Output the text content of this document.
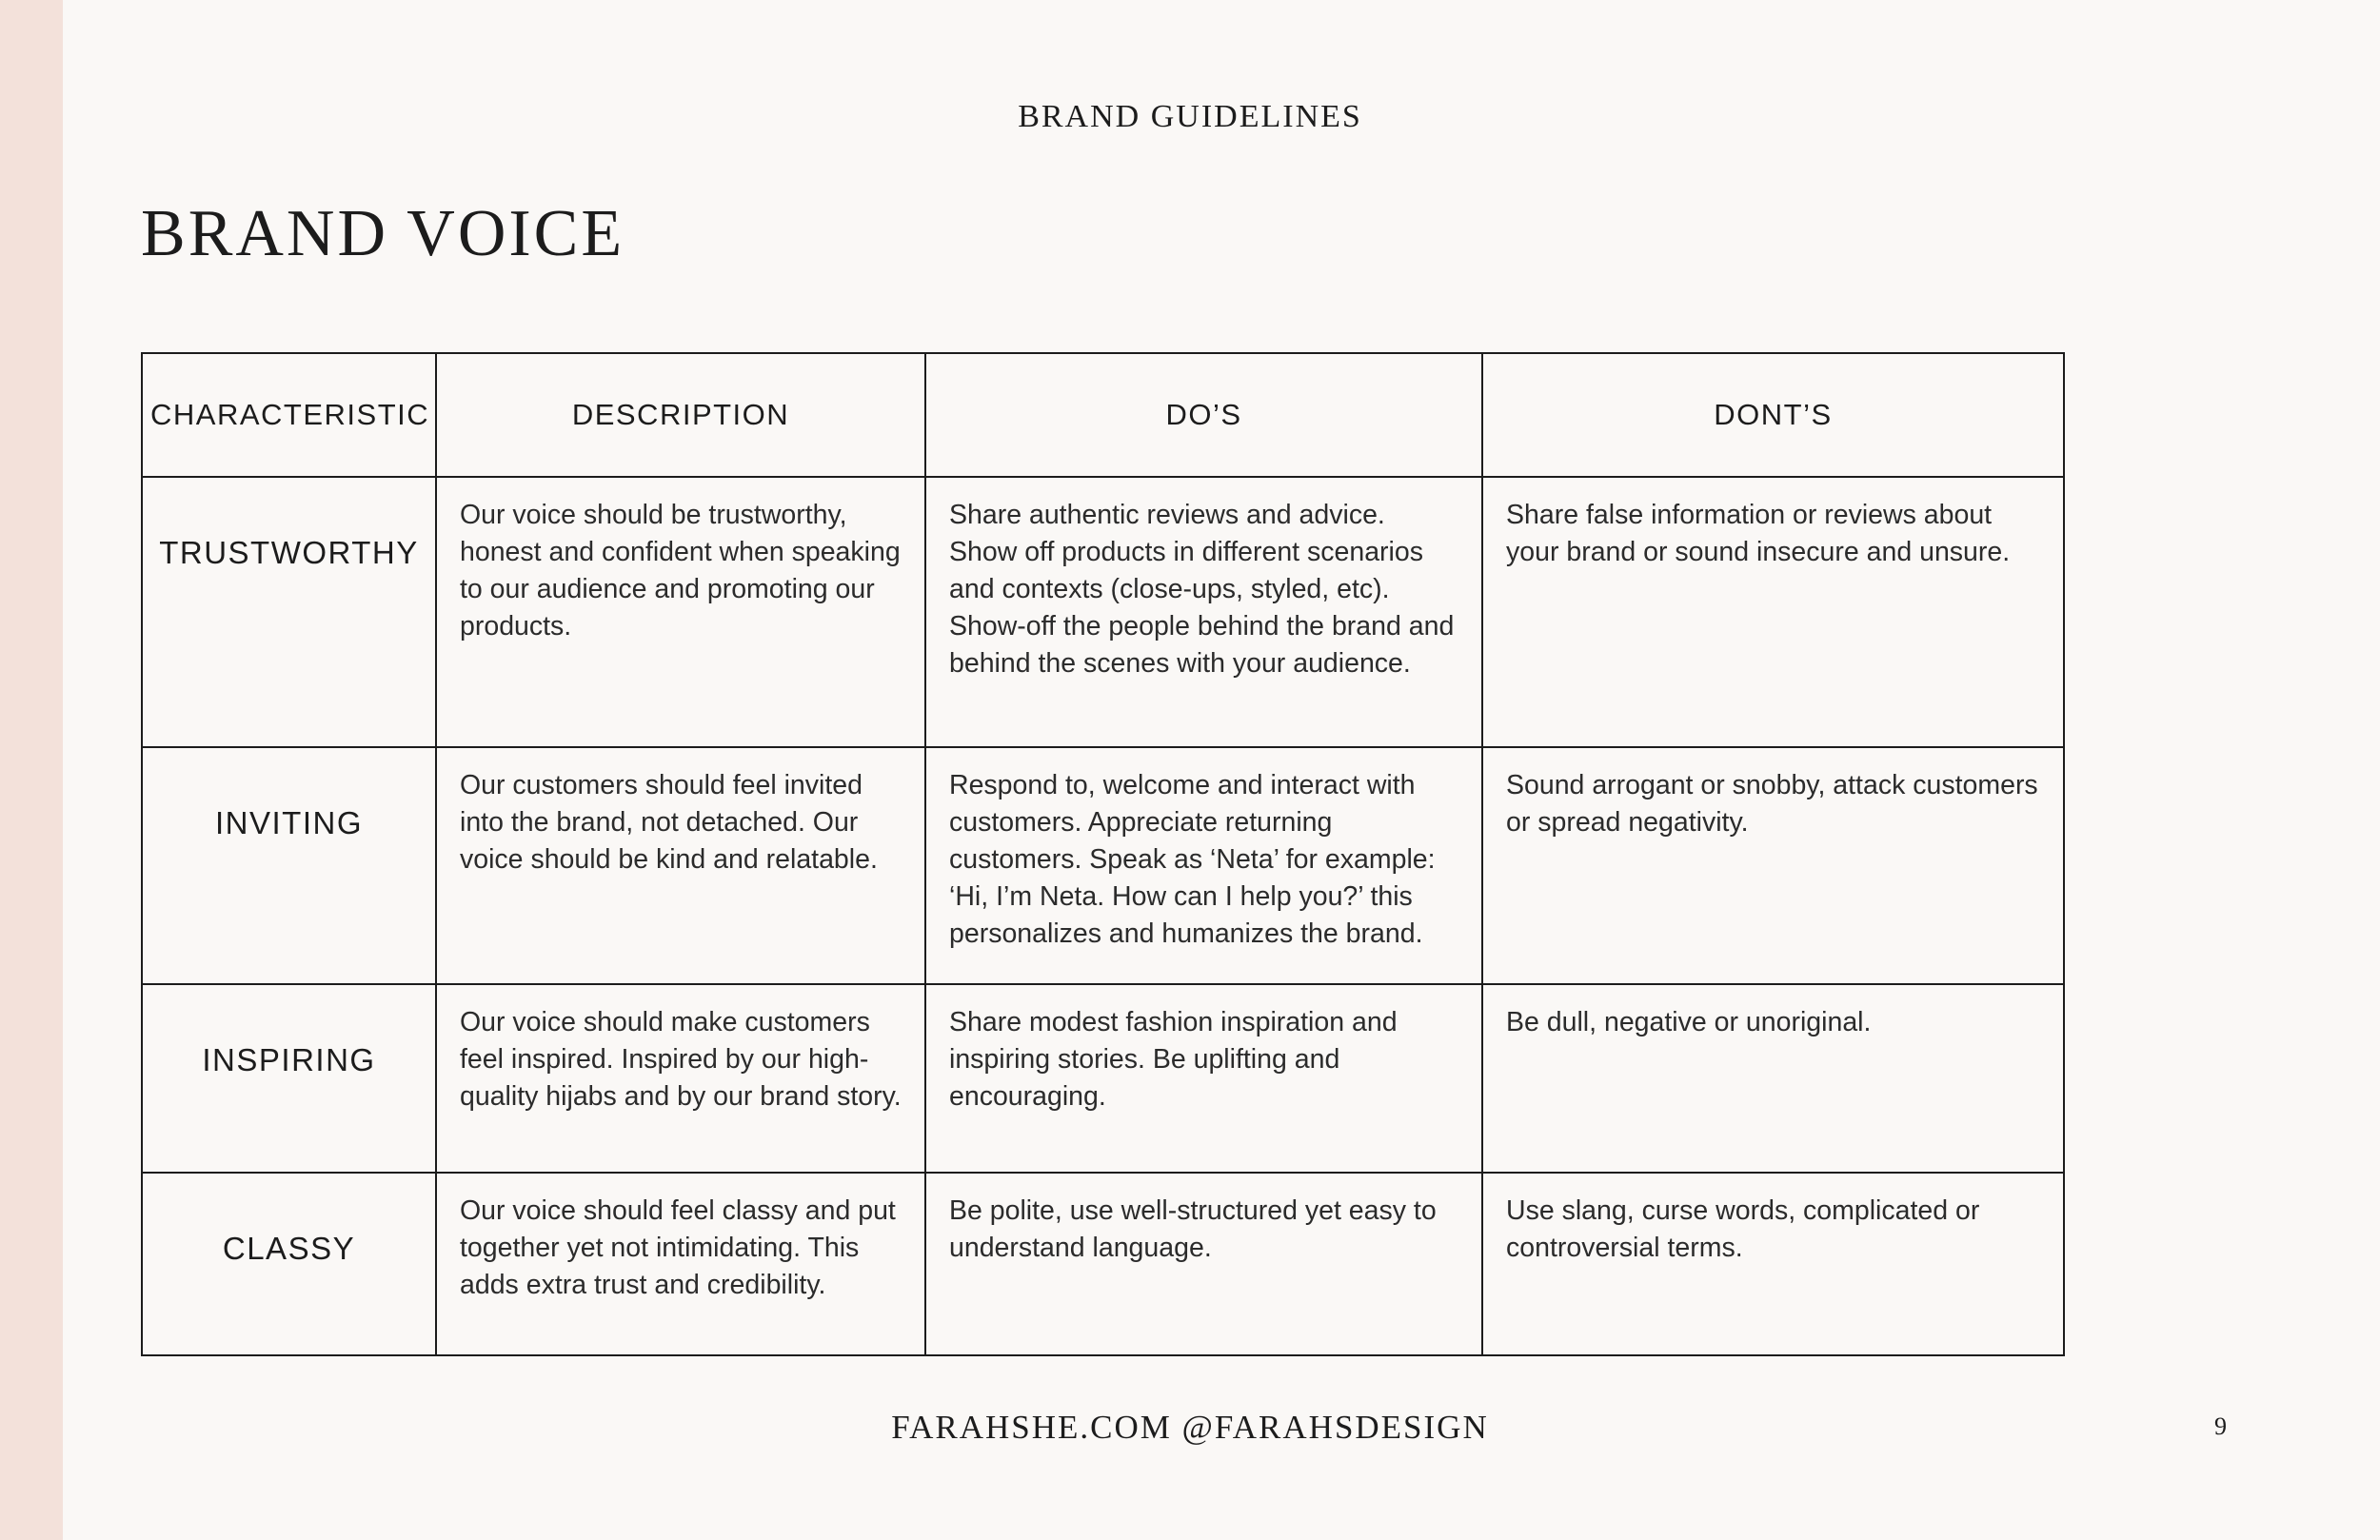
BRAND GUIDELINES
BRAND VOICE
CHARACTERISTIC	DESCRIPTION	DO’S	DONT’S

TRUSTWORTHY	Our voice should be trustworthy, honest and confident when speaking to our audience and promoting our products.	Share authentic reviews and advice. Show off products in different scenarios and contexts (close-ups, styled, etc). Show-off the people behind the brand and behind the scenes with your audience.	Share false information or reviews about your brand or sound insecure and unsure.

INVITING	Our customers should feel invited into the brand, not detached. Our voice should be kind and relatable.	Respond to, welcome and interact with customers. Appreciate returning customers. Speak as ‘Neta’ for example: ‘Hi, I’m Neta. How can I help you?’ this personalizes and humanizes the brand.	Sound arrogant or snobby, attack customers or spread negativity.

INSPIRING	Our voice should make customers feel inspired. Inspired by our high-quality hijabs and by our brand story.	Share modest fashion inspiration and inspiring stories. Be uplifting and encouraging.	Be dull, negative or unoriginal.

CLASSY	Our voice should feel classy and put together yet not intimidating. This adds extra trust and credibility.	Be polite, use well-structured yet easy to understand language.	Use slang, curse words, complicated or controversial terms.
FARAHSHE.COM @FARAHSDESIGN	9
